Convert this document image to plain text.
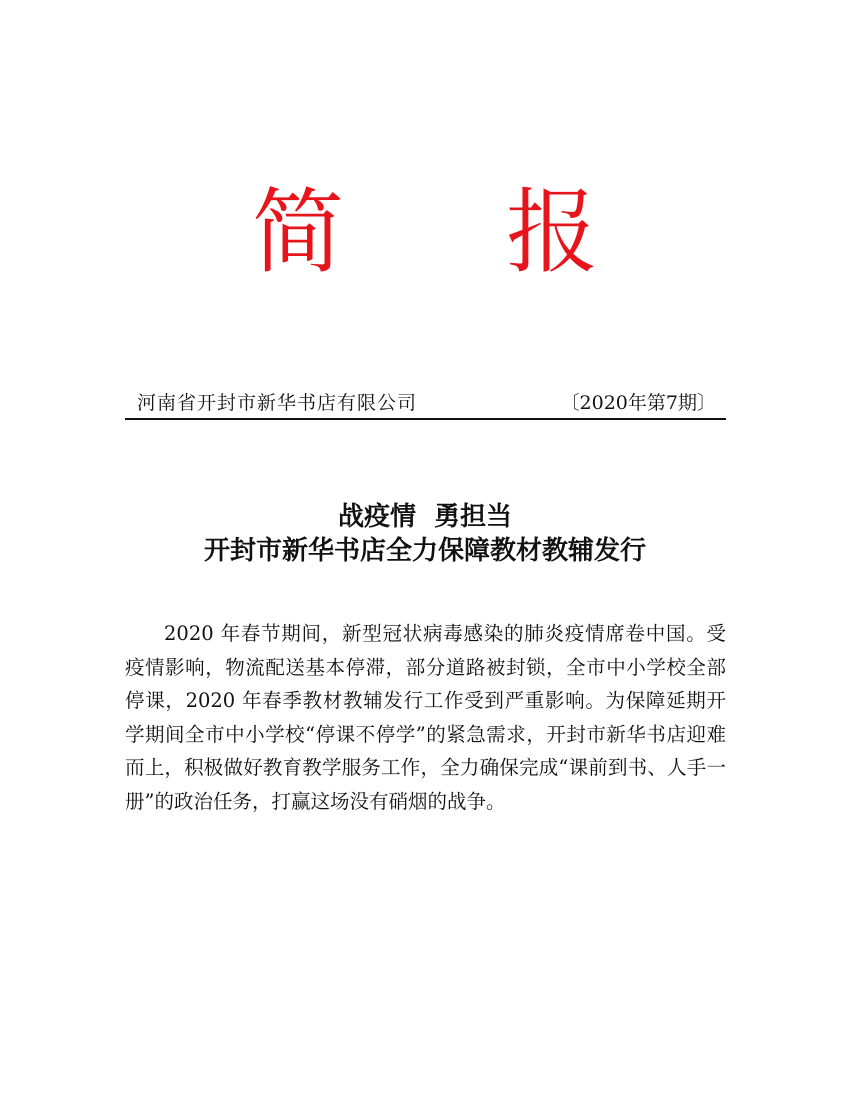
简 报
河南省开封市新华书店有限公司	〔2020年第7期〕
战疫情  勇担当
开封市新华书店全力保障教材教辅发行
2020 年春节期间，新型冠状病毒感染的肺炎疫情席卷中国。受疫情影响，物流配送基本停滞，部分道路被封锁，全市中小学校全部停课，2020 年春季教材教辅发行工作受到严重影响。为保障延期开学期间全市中小学校“停课不停学”的紧急需求，开封市新华书店迎难而上，积极做好教育教学服务工作，全力确保完成“课前到书、人手一册”的政治任务，打赢这场没有硝烟的战争。
